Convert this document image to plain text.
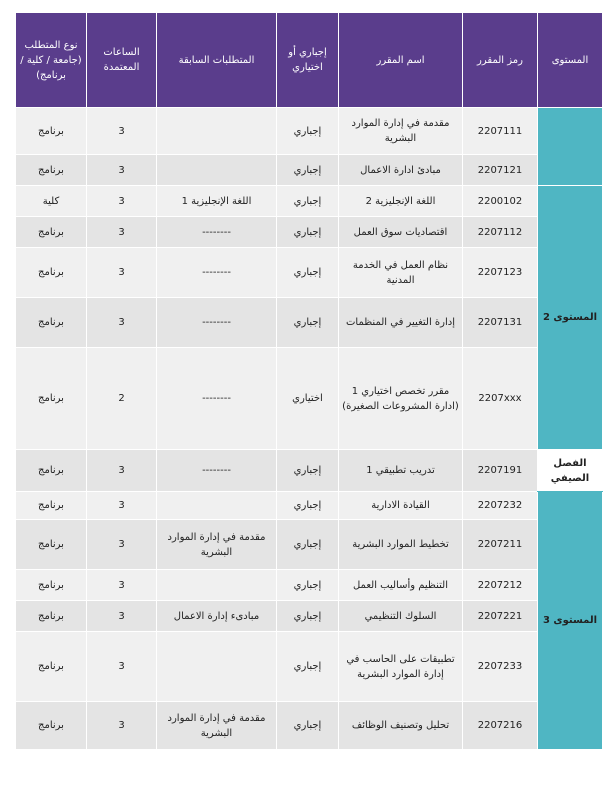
المستوى	رمز المقرر	اسم المقرر	إجباري أو اختياري	المتطلبات السابقة	الساعات المعتمدة	نوع المتطلب (جامعة / كلية / برنامج)
	2207111	مقدمة في إدارة الموارد البشرية	إجباري		3	برنامج
	2207121	مبادئ ادارة الاعمال	إجباري		3	برنامج
المستوى 2	2200102	اللغة الإنجليزية 2	إجباري	اللغة الإنجليزية 1	3	كلية
	2207112	اقتصاديات سوق العمل	إجباري	--------	3	برنامج
	2207123	نظام العمل في الخدمة المدنية	إجباري	--------	3	برنامج
	2207131	إدارة التغيير في المنظمات	إجباري	--------	3	برنامج
	2207xxx	مقرر تخصص اختياري 1 (ادارة المشروعات الصغيرة)	اختياري	--------	2	برنامج
الفصل الصيفي	2207191	تدريب تطبيقي 1	إجباري	--------	3	برنامج
المستوى 3	2207232	القيادة الادارية	إجباري		3	برنامج
	2207211	تخطيط الموارد البشرية	إجباري	مقدمة في إدارة الموارد البشرية	3	برنامج
	2207212	التنظيم وأساليب العمل	إجباري		3	برنامج
	2207221	السلوك التنظيمي	إجباري	مبادىء إدارة الاعمال	3	برنامج
	2207233	تطبيقات على الحاسب في إدارة الموارد البشرية	إجباري		3	برنامج
	2207216	تحليل وتصنيف الوظائف	إجباري	مقدمة في إدارة الموارد البشرية	3	برنامج
